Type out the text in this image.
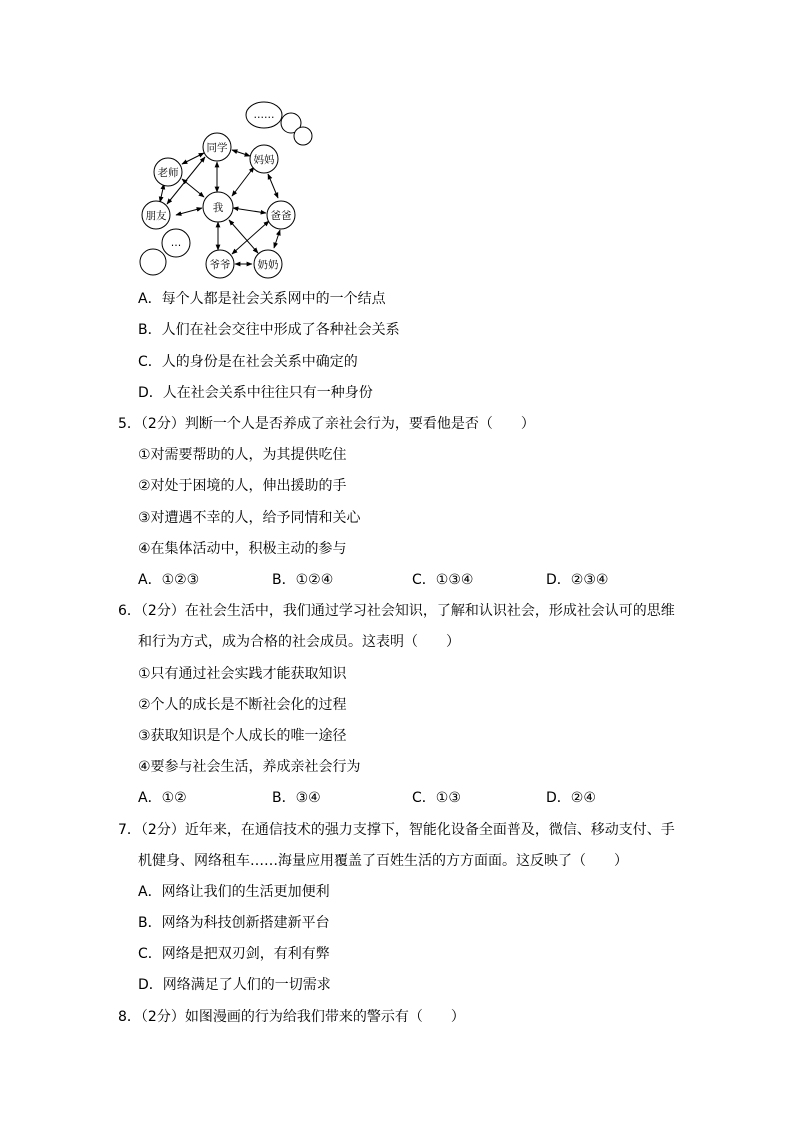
我
同学
老师
朋友
妈妈
爸爸
爷爷	奶奶
……
…
A．每个人都是社会关系网中的一个结点
B．人们在社会交往中形成了各种社会关系
C．人的身份是在社会关系中确定的
D．人在社会关系中往往只有一种身份
5．（2分）判断一个人是否养成了亲社会行为，要看他是否（　　）
①对需要帮助的人，为其提供吃住
②对处于困境的人，伸出援助的手
③对遭遇不幸的人，给予同情和关心
④在集体活动中，积极主动的参与
A．①②③	B．①②④	C．①③④	D．②③④
6．（2分）在社会生活中，我们通过学习社会知识，了解和认识社会，形成社会认可的思维
和行为方式，成为合格的社会成员。这表明（　　）
①只有通过社会实践才能获取知识
②个人的成长是不断社会化的过程
③获取知识是个人成长的唯一途径
④要参与社会生活，养成亲社会行为
A．①②	B．③④	C．①③	D．②④
7．（2分）近年来，在通信技术的强力支撑下，智能化设备全面普及，微信、移动支付、手
机健身、网络租车……海量应用覆盖了百姓生活的方方面面。这反映了（　　）
A．网络让我们的生活更加便利
B．网络为科技创新搭建新平台
C．网络是把双刃剑，有利有弊
D．网络满足了人们的一切需求
8．（2分）如图漫画的行为给我们带来的警示有（　　）
